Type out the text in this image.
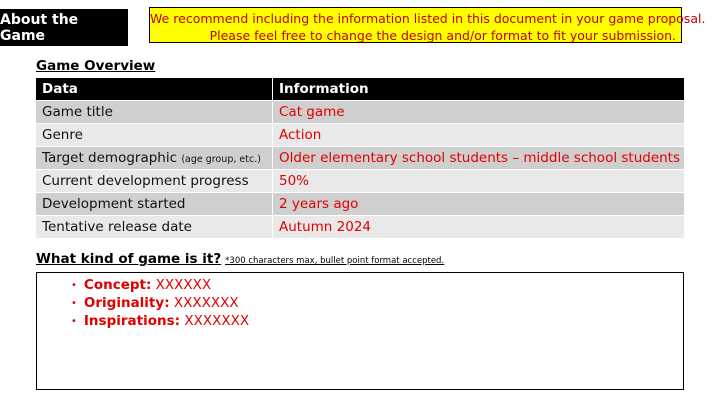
About the Game
We recommend including the information listed in this document in your game proposal.
Please feel free to change the design and/or format to fit your submission.
Game Overview
Data	Information
Game title	Cat game
Genre	Action
Target demographic (age group, etc.)	Older elementary school students – middle school students
Current development progress	50%
Development started	2 years ago
Tentative release date	Autumn 2024
What kind of game is it? *300 characters max, bullet point format accepted.
• Concept: XXXXXX
• Originality: XXXXXXX
• Inspirations: XXXXXXX
